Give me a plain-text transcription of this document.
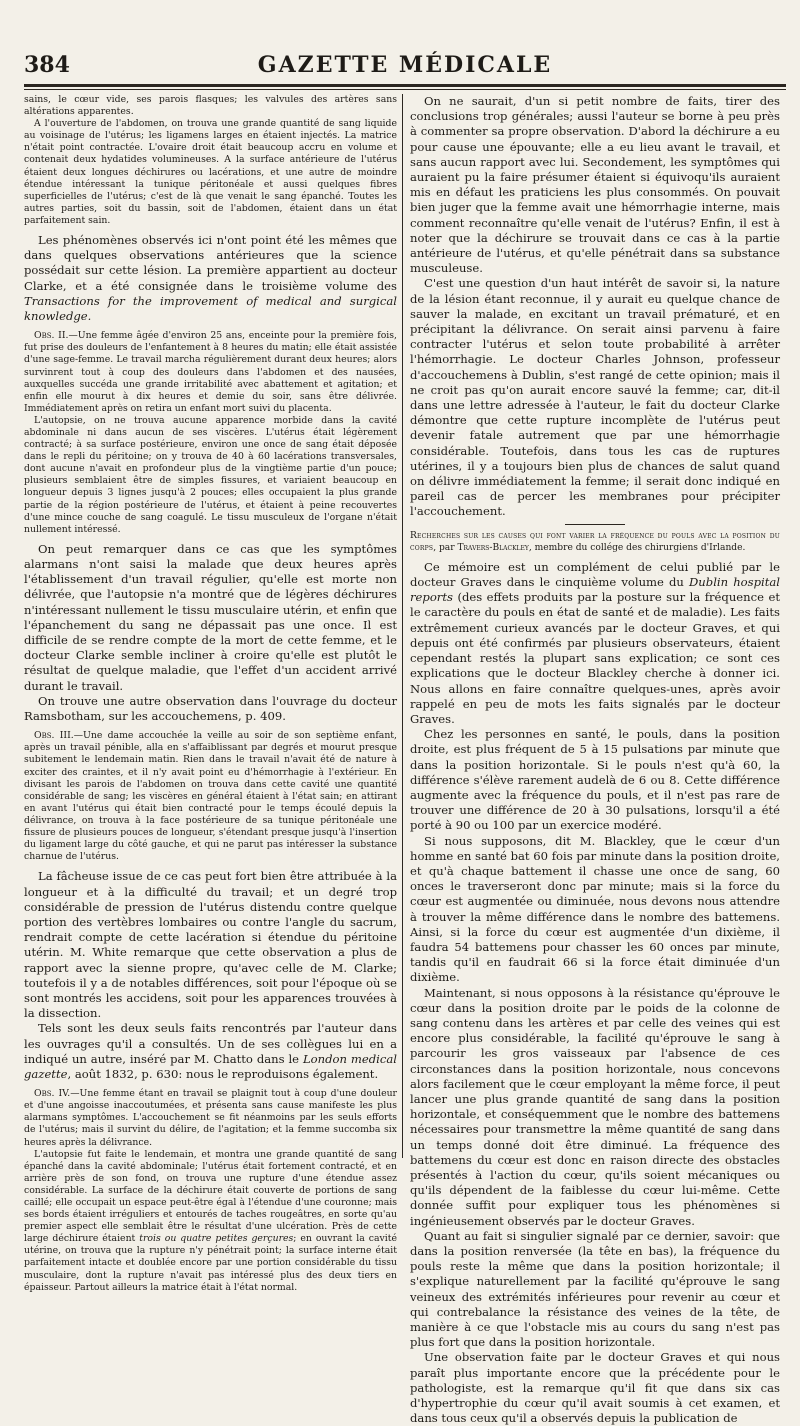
384	GAZETTE MÉDICALE

sains, le cœur vide, ses parois flasques; les valvules des artères sans altérations apparentes.

A l'ouverture de l'abdomen, on trouva une grande quantité de sang liquide au voisinage de l'utérus; les ligamens larges en étaient injectés. La matrice n'était point contractée. L'ovaire droit était beaucoup accru en volume et contenait deux hydatides volumineuses. A la surface antérieure de l'utérus étaient deux longues déchirures ou lacérations, et une autre de moindre étendue intéressant la tunique péritonéale et aussi quelques fibres superficielles de l'utérus; c'est de là que venait le sang épanché. Toutes les autres parties, soit du bassin, soit de l'abdomen, étaient dans un état parfaitement sain.

Les phénomènes observés ici n'ont point été les mêmes que dans quelques observations antérieures que la science possédait sur cette lésion. La première appartient au docteur Clarke, et a été consignée dans le troisième volume des Transactions for the improvement of medical and surgical knowledge.

Obs. II.—Une femme âgée d'environ 25 ans, enceinte pour la première fois, fut prise des douleurs de l'enfantement à 8 heures du matin; elle était assistée d'une sage-femme. Le travail marcha régulièrement durant deux heures; alors survinrent tout à coup des douleurs dans l'abdomen et des nausées, auxquelles succéda une grande irritabilité avec abattement et agitation; et enfin elle mourut à dix heures et demie du soir, sans être délivrée. Immédiatement après on retira un enfant mort suivi du placenta.

L'autopsie, on ne trouva aucune apparence morbide dans la cavité abdominale ni dans aucun de ses viscères. L'utérus était légèrement contracté; à sa surface postérieure, environ une once de sang était déposée dans le repli du péritoine; on y trouva de 40 à 60 lacérations transversales, dont aucune n'avait en profondeur plus de la vingtième partie d'un pouce; plusieurs semblaient être de simples fissures, et variaient beaucoup en longueur depuis 3 lignes jusqu'à 2 pouces; elles occupaient la plus grande partie de la région postérieure de l'utérus, et étaient à peine recouvertes d'une mince couche de sang coagulé. Le tissu musculeux de l'organe n'était nullement intéressé.

On peut remarquer dans ce cas que les symptômes alarmans n'ont saisi la malade que deux heures après l'établissement d'un travail régulier, qu'elle est morte non délivrée, que l'autopsie n'a montré que de légères déchirures n'intéressant nullement le tissu musculaire utérin, et enfin que l'épanchement du sang ne dépassait pas une once. Il est difficile de se rendre compte de la mort de cette femme, et le docteur Clarke semble incliner à croire qu'elle est plutôt le résultat de quelque maladie, que l'effet d'un accident arrivé durant le travail.

On trouve une autre observation dans l'ouvrage du docteur Ramsbotham, sur les accouchemens, p. 409.

Obs. III.—Une dame accouchée la veille au soir de son septième enfant, après un travail pénible, alla en s'affaiblissant par degrés et mourut presque subitement le lendemain matin. Rien dans le travail n'avait été de nature à exciter des craintes, et il n'y avait point eu d'hémorrhagie à l'extérieur. En divisant les parois de l'abdomen on trouva dans cette cavité une quantité considérable de sang; les viscères en général étaient à l'état sain; en attirant en avant l'utérus qui était bien contracté pour le temps écoulé depuis la délivrance, on trouva à la face postérieure de sa tunique péritonéale une fissure de plusieurs pouces de longueur, s'étendant presque jusqu'à l'insertion du ligament large du côté gauche, et qui ne parut pas intéresser la substance charnue de l'utérus.

La fâcheuse issue de ce cas peut fort bien être attribuée à la longueur et à la difficulté du travail; et un degré trop considérable de pression de l'utérus distendu contre quelque portion des vertèbres lombaires ou contre l'angle du sacrum, rendrait compte de cette lacération si étendue du péritoine utérin. M. White remarque que cette observation a plus de rapport avec la sienne propre, qu'avec celle de M. Clarke; toutefois il y a de notables différences, soit pour l'époque où se sont montrés les accidens, soit pour les apparences trouvées à la dissection.

Tels sont les deux seuls faits rencontrés par l'auteur dans les ouvrages qu'il a consultés. Un de ses collègues lui en a indiqué un autre, inséré par M. Chatto dans le London medical gazette, août 1832, p. 630: nous le reproduisons également.

Obs. IV.—Une femme étant en travail se plaignit tout à coup d'une douleur et d'une angoisse inaccoutumées, et présenta sans cause manifeste les plus alarmans symptômes. L'accouchement se fit néanmoins par les seuls efforts de l'utérus; mais il survint du délire, de l'agitation; et la femme succomba six heures après la délivrance.

L'autopsie fut faite le lendemain, et montra une grande quantité de sang épanché dans la cavité abdominale; l'utérus était fortement contracté, et en arrière près de son fond, on trouva une rupture d'une étendue assez considérable. La surface de la déchirure était couverte de portions de sang caillé; elle occupait un espace peut-être égal à l'étendue d'une couronne; mais ses bords étaient irréguliers et entourés de taches rougeâtres, en sorte qu'au premier aspect elle semblait être le résultat d'une ulcération. Près de cette large déchirure étaient trois ou quatre petites gerçures; en ouvrant la cavité utérine, on trouva que la rupture n'y pénétrait point; la surface interne était parfaitement intacte et doublée encore par une portion considérable du tissu musculaire, dont la rupture n'avait pas intéressé plus des deux tiers en épaisseur. Partout ailleurs la matrice était à l'état normal.

On ne saurait, d'un si petit nombre de faits, tirer des conclusions trop générales; aussi l'auteur se borne à peu près à commenter sa propre observation. D'abord la déchirure a eu pour cause une épouvante; elle a eu lieu avant le travail, et sans aucun rapport avec lui. Secondement, les symptômes qui auraient pu la faire présumer étaient si équivoqu'ils auraient mis en défaut les praticiens les plus consommés. On pouvait bien juger que la femme avait une hémorrhagie interne, mais comment reconnaître qu'elle venait de l'utérus? Enfin, il est à noter que la déchirure se trouvait dans ce cas à la partie antérieure de l'utérus, et qu'elle pénétrait dans sa substance musculeuse.

C'est une question d'un haut intérêt de savoir si, la nature de la lésion étant reconnue, il y aurait eu quelque chance de sauver la malade, en excitant un travail prématuré, et en précipitant la délivrance. On serait ainsi parvenu à faire contracter l'utérus et selon toute probabilité à arrêter l'hémorrhagie. Le docteur Charles Johnson, professeur d'accouchemens à Dublin, s'est rangé de cette opinion; mais il ne croit pas qu'on aurait encore sauvé la femme; car, dit-il dans une lettre adressée à l'auteur, le fait du docteur Clarke démontre que cette rupture incomplète de l'utérus peut devenir fatale autrement que par une hémorrhagie considérable. Toutefois, dans tous les cas de ruptures utérines, il y a toujours bien plus de chances de salut quand on délivre immédiatement la femme; il serait donc indiqué en pareil cas de percer les membranes pour précipiter l'accouchement.

Recherches sur les causes qui font varier la fréquence du pouls avec la position du corps, par Travers-Blackley, membre du collége des chirurgiens d'Irlande.

Ce mémoire est un complément de celui publié par le docteur Graves dans le cinquième volume du Dublin hospital reports (des effets produits par la posture sur la fréquence et le caractère du pouls en état de santé et de maladie). Les faits extrêmement curieux avancés par le docteur Graves, et qui depuis ont été confirmés par plusieurs observateurs, étaient cependant restés la plupart sans explication; ce sont ces explications que le docteur Blackley cherche à donner ici. Nous allons en faire connaître quelques-unes, après avoir rappelé en peu de mots les faits signalés par le docteur Graves.

Chez les personnes en santé, le pouls, dans la position droite, est plus fréquent de 5 à 15 pulsations par minute que dans la position horizontale. Si le pouls n'est qu'à 60, la différence s'élève rarement audelà de 6 ou 8. Cette différence augmente avec la fréquence du pouls, et il n'est pas rare de trouver une différence de 20 à 30 pulsations, lorsqu'il a été porté à 90 ou 100 par un exercice modéré.

Si nous supposons, dit M. Blackley, que le cœur d'un homme en santé bat 60 fois par minute dans la position droite, et qu'à chaque battement il chasse une once de sang, 60 onces le traverseront donc par minute; mais si la force du cœur est augmentée ou diminuée, nous devons nous attendre à trouver la même différence dans le nombre des battemens. Ainsi, si la force du cœur est augmentée d'un dixième, il faudra 54 battemens pour chasser les 60 onces par minute, tandis qu'il en faudrait 66 si la force était diminuée d'un dixième.

Maintenant, si nous opposons à la résistance qu'éprouve le cœur dans la position droite par le poids de la colonne de sang contenu dans les artères et par celle des veines qui est encore plus considérable, la facilité qu'éprouve le sang à parcourir les gros vaisseaux par l'absence de ces circonstances dans la position horizontale, nous concevons alors facilement que le cœur employant la même force, il peut lancer une plus grande quantité de sang dans la position horizontale, et conséquemment que le nombre des battemens nécessaires pour transmettre la même quantité de sang dans un temps donné doit être diminué. La fréquence des battemens du cœur est donc en raison directe des obstacles présentés à l'action du cœur, qu'ils soient mécaniques ou qu'ils dépendent de la faiblesse du cœur lui-même. Cette donnée suffit pour expliquer tous les phénomènes si ingénieusement observés par le docteur Graves.

Quant au fait si singulier signalé par ce dernier, savoir: que dans la position renversée (la tête en bas), la fréquence du pouls reste la même que dans la position horizontale; il s'explique naturellement par la facilité qu'éprouve le sang veineux des extrémités inférieures pour revenir au cœur et qui contrebalance la résistance des veines de la tête, de manière à ce que l'obstacle mis au cours du sang n'est pas plus fort que dans la position horizontale.

Une observation faite par le docteur Graves et qui nous paraît plus importante encore que la précédente pour le pathologiste, est la remarque qu'il fit que dans six cas d'hypertrophie du cœur qu'il avait soumis à cet examen, et dans tous ceux qu'il a observés depuis la publication de
